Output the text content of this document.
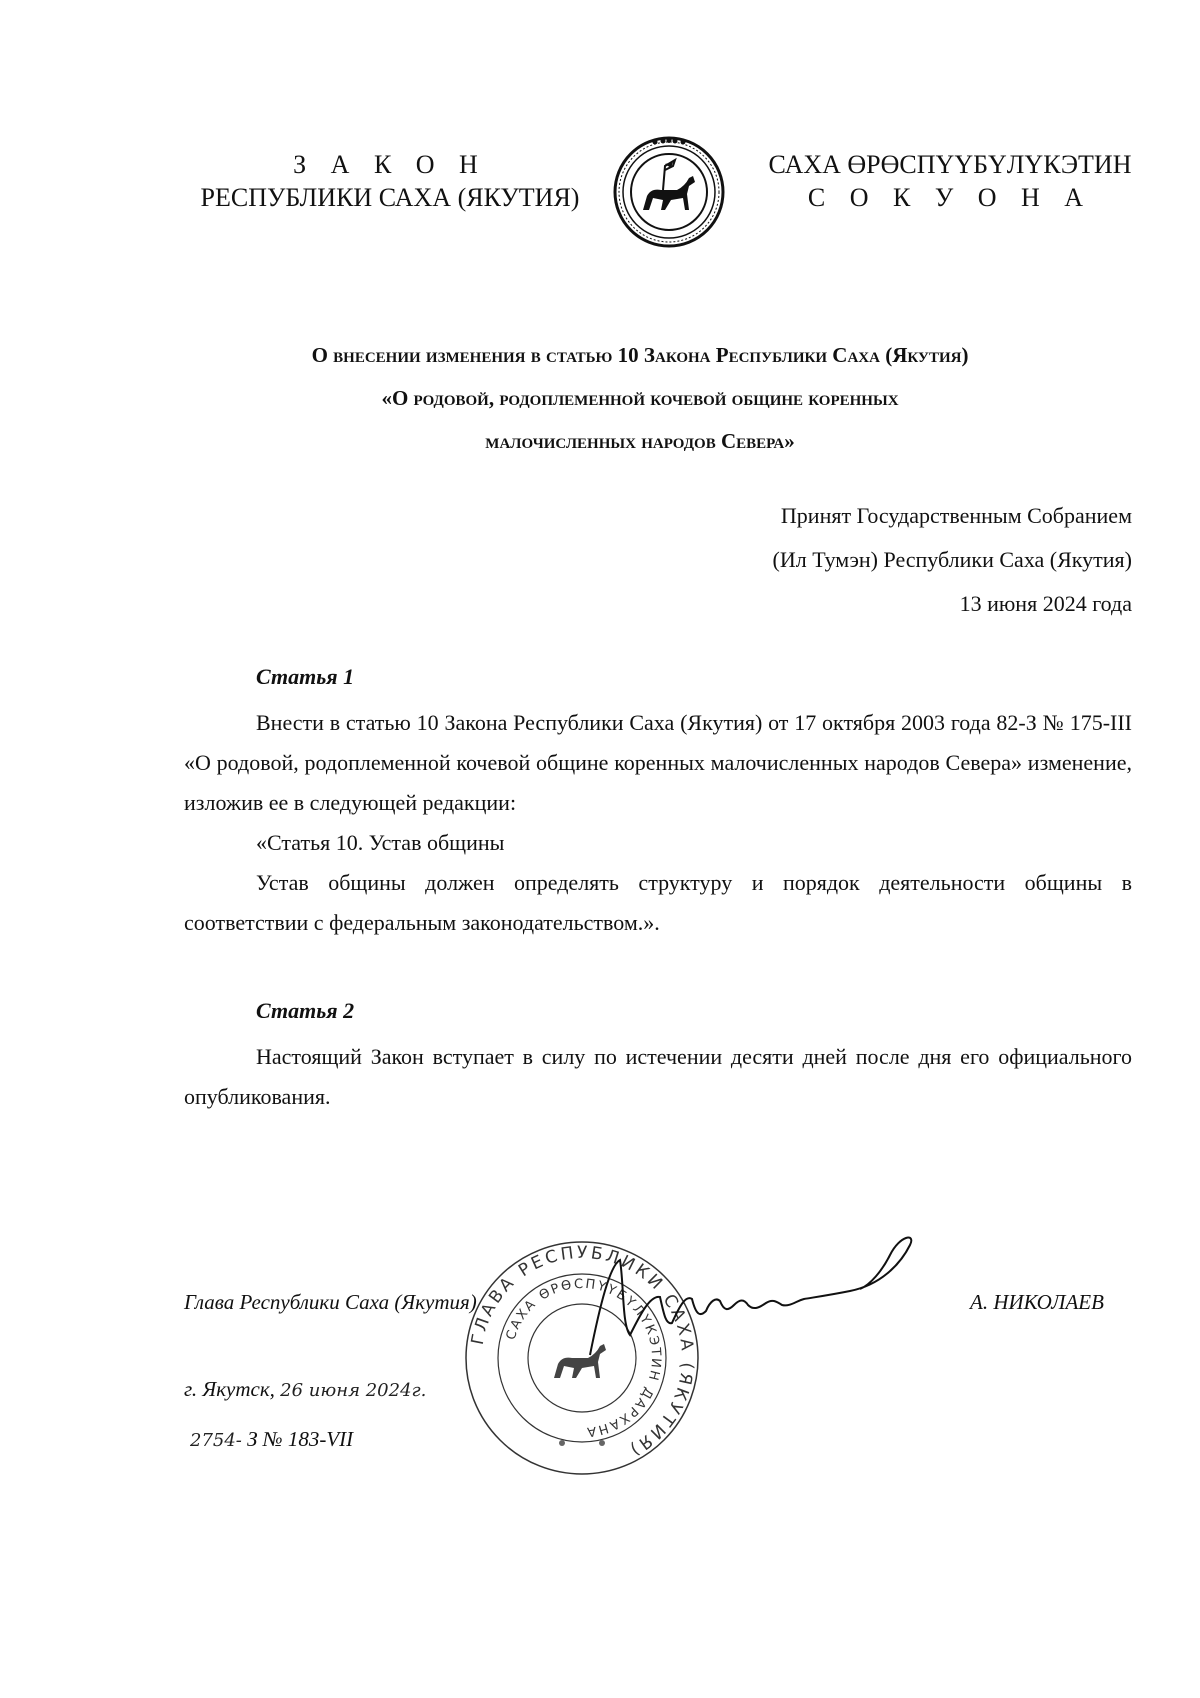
З А К О Н
РЕСПУБЛИКИ САХА (ЯКУТИЯ)
САХА ӨРӨСПҮҮБҮЛҮКЭТИН
С О К У О Н А
О внесении изменения в статью 10 Закона Республики Саха (Якутия)
«О родовой, родоплеменной кочевой общине коренных
малочисленных народов Севера»
Принят Государственным Собранием
(Ил Тумэн) Республики Саха (Якутия)
13 июня 2024 года
Статья 1

Внести в статью 10 Закона Республики Саха (Якутия) от 17 октября 2003 года 82-З № 175-III «О родовой, родоплеменной кочевой общине коренных малочисленных народов Севера» изменение, изложив ее в следующей редакции:

«Статья 10. Устав общины

Устав общины должен определять структуру и порядок деятельности общины в соответствии с федеральным законодательством.».

Статья 2

Настоящий Закон вступает в силу по истечении десяти дней после дня его официального опубликования.

ГЛАВА РЕСПУБЛИКИ САХА (ЯКУТИЯ)
САХА ӨРӨСПҮҮБҮЛҮКЭТИН ДАРХАНА
Глава Республики Саха (Якутия)	А. НИКОЛАЕВ
г. Якутск, 26 июня 2024г.
2754- З № 183-VII
